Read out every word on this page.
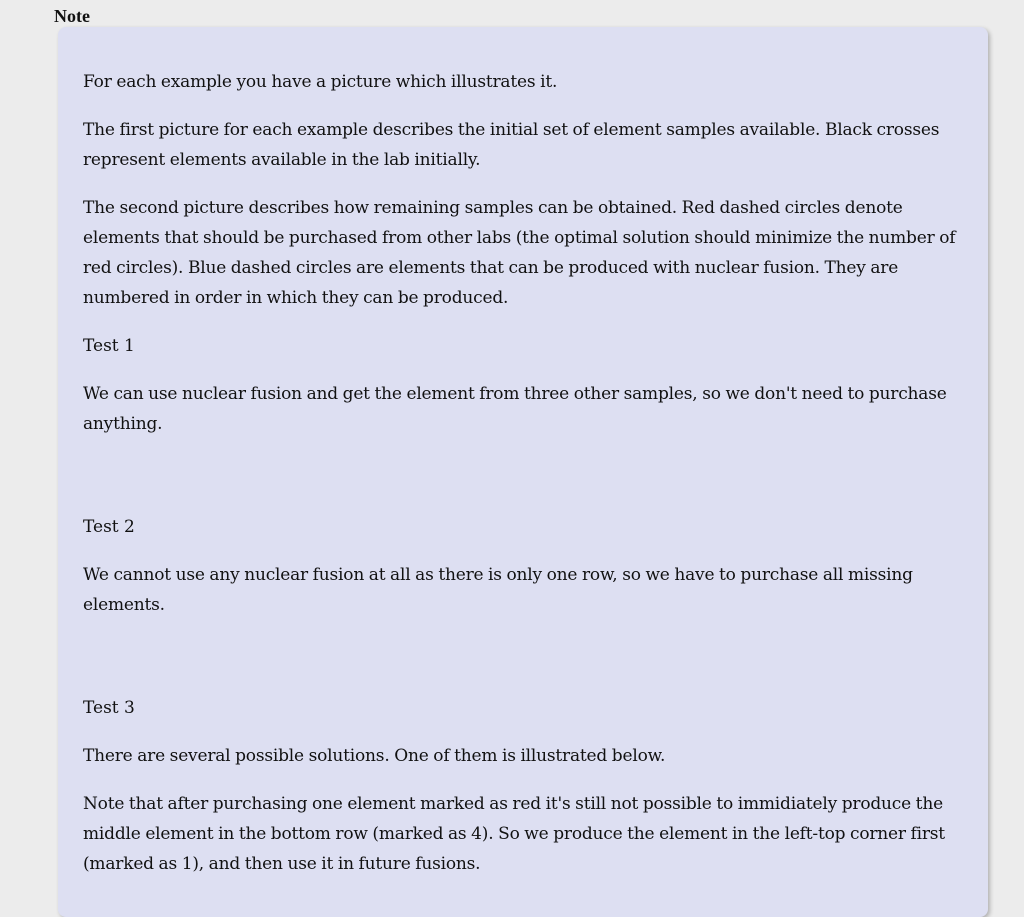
Note

For each example you have a picture which illustrates it.

The first picture for each example describes the initial set of element samples available. Black crosses represent elements available in the lab initially.

The second picture describes how remaining samples can be obtained. Red dashed circles denote elements that should be purchased from other labs (the optimal solution should minimize the number of red circles). Blue dashed circles are elements that can be produced with nuclear fusion. They are numbered in order in which they can be produced.

Test 1

We can use nuclear fusion and get the element from three other samples, so we don't need to purchase anything.

Test 2

We cannot use any nuclear fusion at all as there is only one row, so we have to purchase all missing elements.

Test 3

There are several possible solutions. One of them is illustrated below.

Note that after purchasing one element marked as red it's still not possible to immidiately produce the middle element in the bottom row (marked as 4). So we produce the element in the left-top corner first (marked as 1), and then use it in future fusions.
